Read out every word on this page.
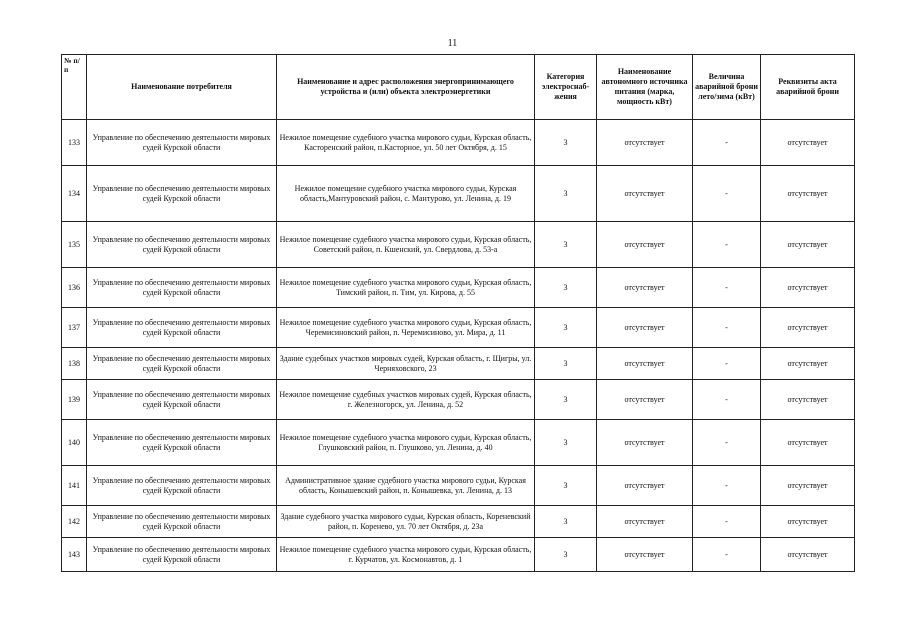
11
№ п/п	Наименование потребителя	Наименование и адрес расположения энергопринимающего устройства и (или) объекта электроэнергетики	Категория электроснаб-жения	Наименование автономного источника питания (марка, мощность кВт)	Величина аварийной брони лето/зима (кВт)	Реквизиты акта аварийной брони
133	Управление по обеспечению деятельности мировых судей Курской области	Нежилое помещение судебного участка мирового судьи, Курская область, Касторенский район, п.Касторное, ул. 50 лет Октября, д. 15	3	отсутствует	-	отсутствует
134	Управление по обеспечению деятельности мировых судей Курской области	Нежилое помещение судебного участка мирового судьи, Курская область,Мантуровский район, с. Мантурово, ул. Ленина, д. 19	3	отсутствует	-	отсутствует
135	Управление по обеспечению деятельности мировых судей Курской области	Нежилое помещение судебного участка мирового судьи, Курская область, Советский район, п. Кшенский, ул. Свердлова, д. 53-а	3	отсутствует	-	отсутствует
136	Управление по обеспечению деятельности мировых судей Курской области	Нежилое помещение судебного участка мирового судьи, Курская область, Тимский район, п. Тим, ул. Кирова, д. 55	3	отсутствует	-	отсутствует
137	Управление по обеспечению деятельности мировых судей Курской области	Нежилое помещение судебного участка мирового судьи, Курская область, Черемисиновский район, п. Черемисиново, ул. Мира, д. 11	3	отсутствует	-	отсутствует
138	Управление по обеспечению деятельности мировых судей Курской области	Здание судебных участков мировых судей, Курская область, г. Щигры, ул. Черняховского, 23	3	отсутствует	-	отсутствует
139	Управление по обеспечению деятельности мировых судей Курской области	Нежилое помещение судебных участков мировых судей, Курская область, г. Железногорск, ул. Ленина, д. 52	3	отсутствует	-	отсутствует
140	Управление по обеспечению деятельности мировых судей Курской области	Нежилое помещение судебного участка мирового судьи, Курская область, Глушковский район, п. Глушково, ул. Ленина, д. 40	3	отсутствует	-	отсутствует
141	Управление по обеспечению деятельности мировых судей Курской области	Административное здание судебного участка мирового судьи, Курская область, Конышевский район, п. Конышевка, ул. Ленина, д. 13	3	отсутствует	-	отсутствует
142	Управление по обеспечению деятельности мировых судей Курской области	Здание судебного участка мирового судьи, Курская область, Кореневский район, п. Коренево, ул. 70 лет Октября, д. 23а	3	отсутствует	-	отсутствует
143	Управление по обеспечению деятельности мировых судей Курской области	Нежилое помещение судебного участка мирового судьи, Курская область, г. Курчатов, ул. Космонавтов, д. 1	3	отсутствует	-	отсутствует
